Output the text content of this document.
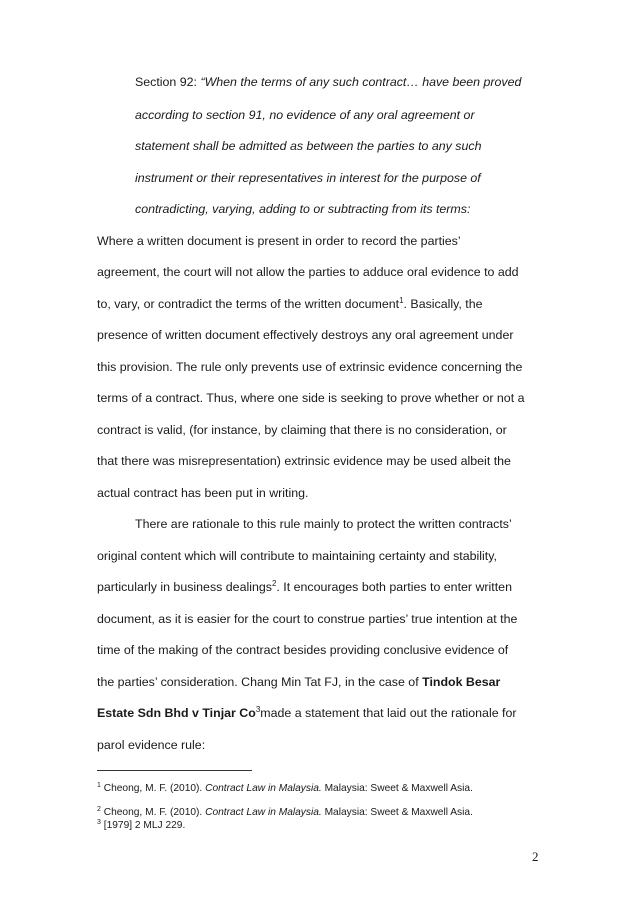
Section 92: “When the terms of any such contract… have been proved
according to section 91, no evidence of any oral agreement or
statement shall be admitted as between the parties to any such
instrument or their representatives in interest for the purpose of
contradicting, varying, adding to or subtracting from its terms:
Where a written document is present in order to record the parties’
agreement, the court will not allow the parties to adduce oral evidence to add
to, vary, or contradict the terms of the written document$^1$. Basically, the
presence of written document effectively destroys any oral agreement under
this provision. The rule only prevents use of extrinsic evidence concerning the
terms of a contract. Thus, where one side is seeking to prove whether or not a
contract is valid, (for instance, by claiming that there is no consideration, or
that there was misrepresentation) extrinsic evidence may be used albeit the
actual contract has been put in writing.
There are rationale to this rule mainly to protect the written contracts’
original content which will contribute to maintaining certainty and stability,
particularly in business dealings$^2$. It encourages both parties to enter written
document, as it is easier for the court to construe parties’ true intention at the
time of the making of the contract besides providing conclusive evidence of
the parties’ consideration. Chang Min Tat FJ, in the case of Tindok Besar
Estate Sdn Bhd v Tinjar Co$^3$made a statement that laid out the rationale for
parol evidence rule:
$^1$ Cheong, M. F. (2010). Contract Law in Malaysia. Malaysia: Sweet & Maxwell Asia.
$^2$ Cheong, M. F. (2010). Contract Law in Malaysia. Malaysia: Sweet & Maxwell Asia.
$^3$ [1979] 2 MLJ 229.
2
